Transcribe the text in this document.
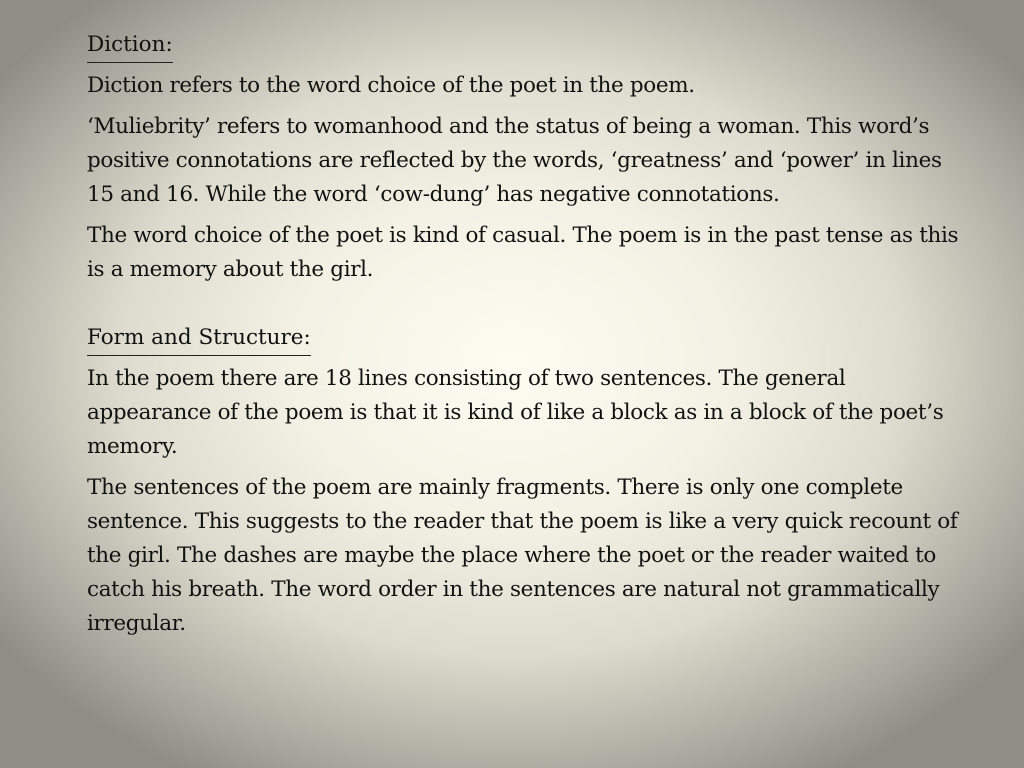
Diction:

Diction refers to the word choice of the poet in the poem.

‘Muliebrity’ refers to womanhood and the status of being a woman. This word’s positive connotations are reflected by the words, ‘greatness’ and ‘power’ in lines 15 and 16. While the word ‘cow-dung’ has negative connotations.

The word choice of the poet is kind of casual. The poem is in the past tense as this is a memory about the girl.

Form and Structure:

In the poem there are 18 lines consisting of two sentences. The general appearance of the poem is that it is kind of like a block as in a block of the poet’s memory.

The sentences of the poem are mainly fragments. There is only one complete sentence. This suggests to the reader that the poem is like a very quick recount of the girl. The dashes are maybe the place where the poet or the reader waited to catch his breath. The word order in the sentences are natural not grammatically irregular.
